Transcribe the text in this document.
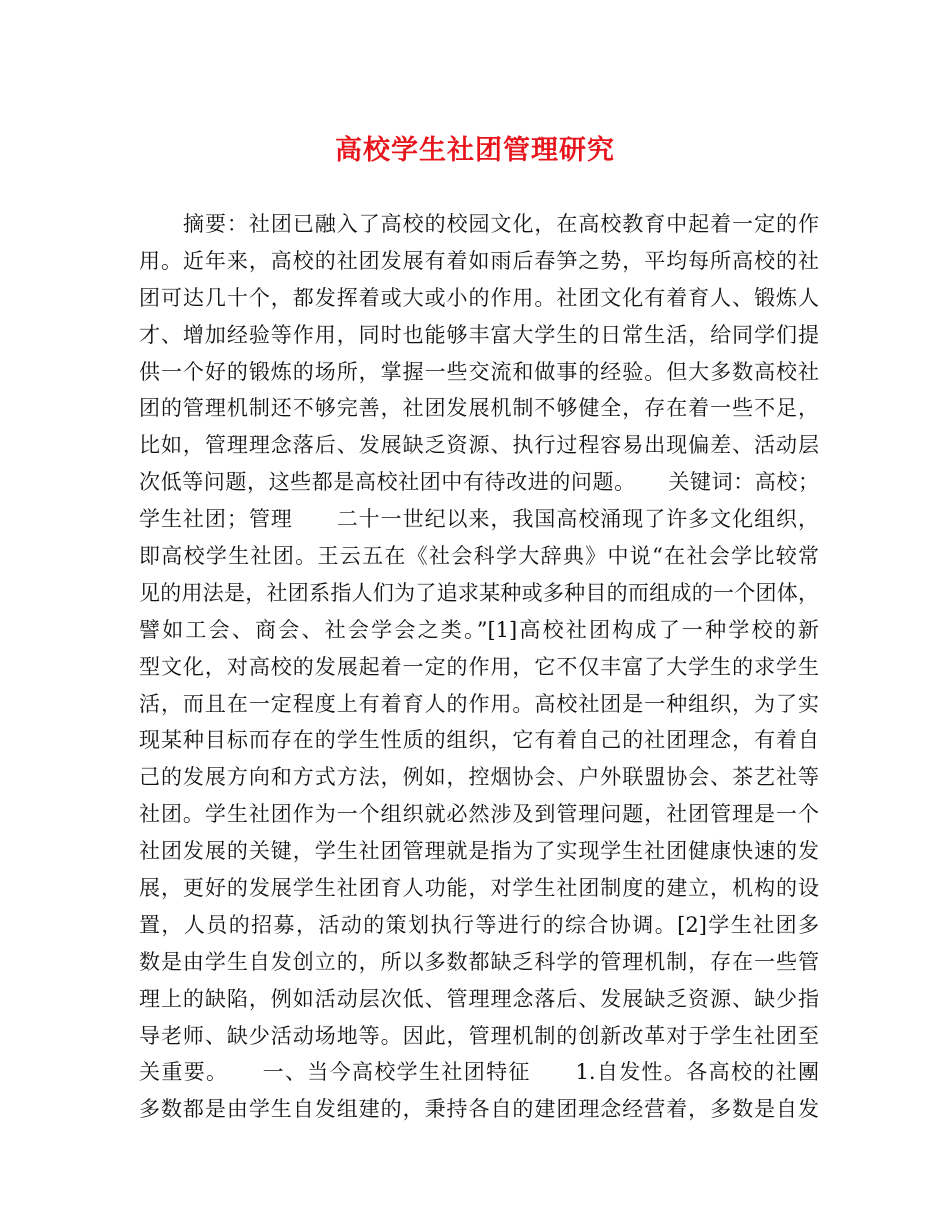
高校学生社团管理研究
摘要：社团已融入了高校的校园文化，在高校教育中起着一定的作
用。近年来，高校的社团发展有着如雨后春笋之势，平均每所高校的社
团可达几十个，都发挥着或大或小的作用。社团文化有着育人、锻炼人
才、增加经验等作用，同时也能够丰富大学生的日常生活，给同学们提
供一个好的锻炼的场所，掌握一些交流和做事的经验。但大多数高校社
团的管理机制还不够完善，社团发展机制不够健全，存在着一些不足，
比如，管理理念落后、发展缺乏资源、执行过程容易出现偏差、活动层
次低等问题，这些都是高校社团中有待改进的问题。　　关键词：高校；
学生社团；管理　　二十一世纪以来，我国高校涌现了许多文化组织，
即高校学生社团。王云五在《社会科学大辞典》中说“在社会学比较常
见的用法是，社团系指人们为了追求某种或多种目的而组成的一个团体，
譬如工会、商会、社会学会之类。”[1]高校社团构成了一种学校的新
型文化，对高校的发展起着一定的作用，它不仅丰富了大学生的求学生
活，而且在一定程度上有着育人的作用。高校社团是一种组织，为了实
现某种目标而存在的学生性质的组织，它有着自己的社团理念，有着自
己的发展方向和方式方法，例如，控烟协会、户外联盟协会、茶艺社等
社团。学生社团作为一个组织就必然涉及到管理问题，社团管理是一个
社团发展的关键，学生社团管理就是指为了实现学生社团健康快速的发
展，更好的发展学生社团育人功能，对学生社团制度的建立，机构的设
置，人员的招募，活动的策划执行等进行的综合协调。[2]学生社团多
数是由学生自发创立的，所以多数都缺乏科学的管理机制，存在一些管
理上的缺陷，例如活动层次低、管理理念落后、发展缺乏资源、缺少指
导老师、缺少活动场地等。因此，管理机制的创新改革对于学生社团至
关重要。　　一、当今高校学生社团特征　　1.自发性。各高校的社團
多数都是由学生自发组建的，秉持各自的建团理念经营着，多数是自发
